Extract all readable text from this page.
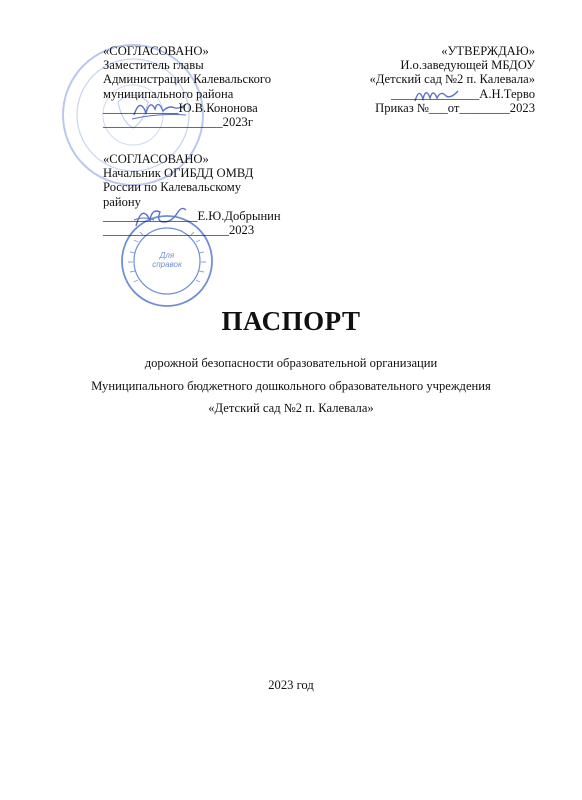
Для справок
«СОГЛАСОВАНО»
Заместитель главы
Администрации Калевальского
муниципального района
____________Ю.В.Кононова
___________________2023г
«УТВЕРЖДАЮ»
И.о.заведующей МБДОУ
«Детский сад №2 п. Калевала»
______________А.Н.Терво
Приказ №___от________2023
«СОГЛАСОВАНО»
Начальник ОГИБДД ОМВД
России по Калевальскому
району
_______________Е.Ю.Добрынин
____________________2023
ПАСПОРТ
дорожной безопасности образовательной организации
Муниципального бюджетного дошкольного образовательного учреждения
«Детский сад №2 п. Калевала»
2023 год
